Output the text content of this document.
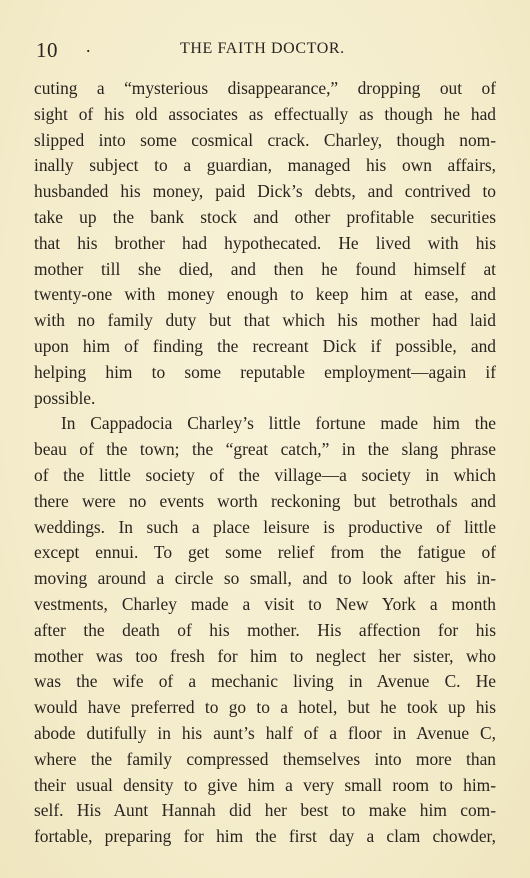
10 .	THE FAITH DOCTOR.
cuting a “mysterious disappearance,” dropping out of
sight of his old associates as effectually as though he had
slipped into some cosmical crack. Charley, though nom-
inally subject to a guardian, managed his own affairs,
husbanded his money, paid Dick’s debts, and contrived to
take up the bank stock and other profitable securities
that his brother had hypothecated. He lived with his
mother till she died, and then he found himself at
twenty-one with money enough to keep him at ease, and
with no family duty but that which his mother had laid
upon him of finding the recreant Dick if possible, and
helping him to some reputable employment—again if
possible.
In Cappadocia Charley’s little fortune made him the
beau of the town; the “great catch,” in the slang phrase
of the little society of the village—a society in which
there were no events worth reckoning but betrothals and
weddings. In such a place leisure is productive of little
except ennui. To get some relief from the fatigue of
moving around a circle so small, and to look after his in-
vestments, Charley made a visit to New York a month
after the death of his mother. His affection for his
mother was too fresh for him to neglect her sister, who
was the wife of a mechanic living in Avenue C. He
would have preferred to go to a hotel, but he took up his
abode dutifully in his aunt’s half of a floor in Avenue C,
where the family compressed themselves into more than
their usual density to give him a very small room to him-
self. His Aunt Hannah did her best to make him com-
fortable, preparing for him the first day a clam chowder,
